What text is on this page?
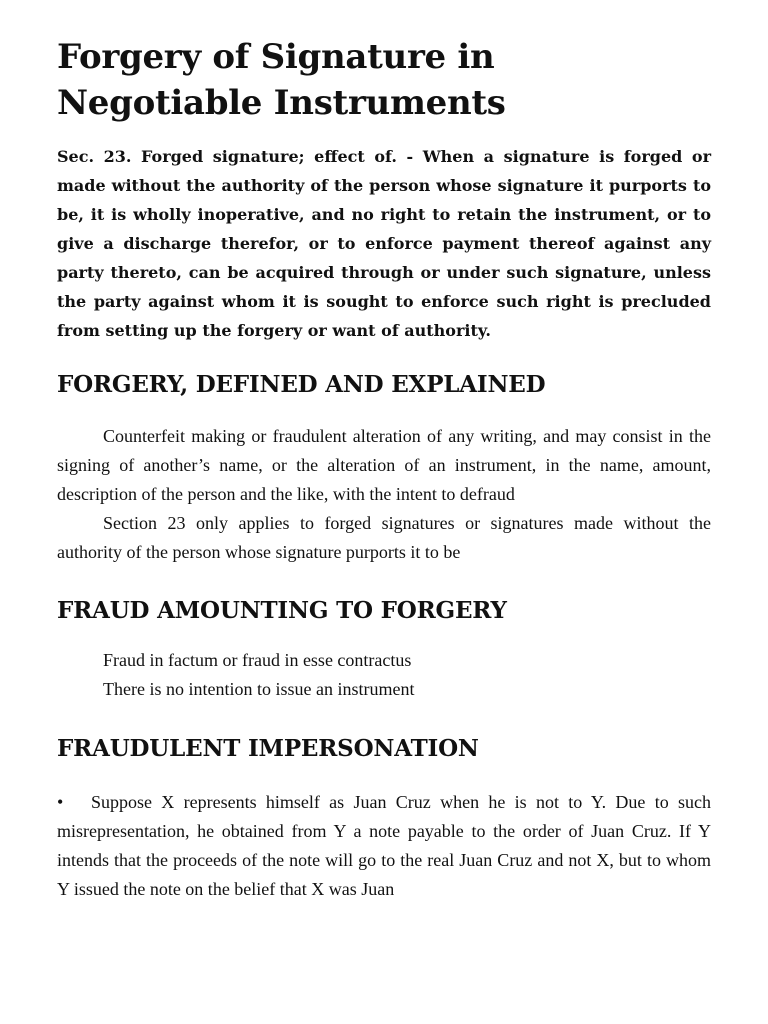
Forgery of Signature in Negotiable Instruments

Sec. 23. Forged signature; effect of. - When a signature is forged or made without the authority of the person whose signature it purports to be, it is wholly inoperative, and no right to retain the instrument, or to give a discharge therefor, or to enforce payment thereof against any party thereto, can be acquired through or under such signature, unless the party against whom it is sought to enforce such right is precluded from setting up the forgery or want of authority.

FORGERY, DEFINED AND EXPLAINED

Counterfeit making or fraudulent alteration of any writing, and may consist in the signing of another’s name, or the alteration of an instrument, in the name, amount, description of the person and the like, with the intent to defraud

Section 23 only applies to forged signatures or signatures made without the authority of the person whose signature purports it to be

FRAUD AMOUNTING TO FORGERY

Fraud in factum or fraud in esse contractus

There is no intention to issue an instrument

FRAUDULENT IMPERSONATION

• Suppose X represents himself as Juan Cruz when he is not to Y. Due to such misrepresentation, he obtained from Y a note payable to the order of Juan Cruz. If Y intends that the proceeds of the note will go to the real Juan Cruz and not X, but to whom Y issued the note on the belief that X was Juan
